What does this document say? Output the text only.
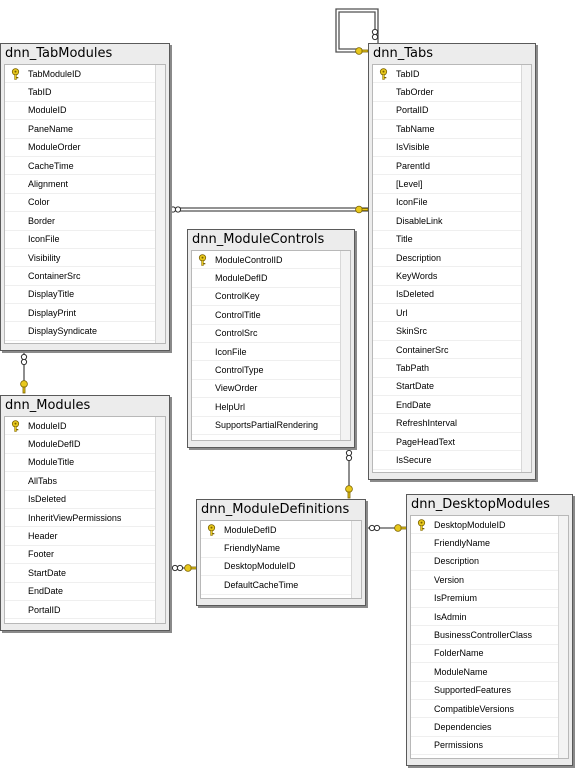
dnn_TabModules
TabModuleID
TabID
ModuleID
PaneName
ModuleOrder
CacheTime
Alignment
Color
Border
IconFile
Visibility
ContainerSrc
DisplayTitle
DisplayPrint
DisplaySyndicate
dnn_Tabs
TabID
TabOrder
PortalID
TabName
IsVisible
ParentId
[Level]
IconFile
DisableLink
Title
Description
KeyWords
IsDeleted
Url
SkinSrc
ContainerSrc
TabPath
StartDate
EndDate
RefreshInterval
PageHeadText
IsSecure
dnn_ModuleControls
ModuleControlID
ModuleDefID
ControlKey
ControlTitle
ControlSrc
IconFile
ControlType
ViewOrder
HelpUrl
SupportsPartialRendering
dnn_Modules
ModuleID
ModuleDefID
ModuleTitle
AllTabs
IsDeleted
InheritViewPermissions
Header
Footer
StartDate
EndDate
PortalID
dnn_ModuleDefinitions
ModuleDefID
FriendlyName
DesktopModuleID
DefaultCacheTime
dnn_DesktopModules
DesktopModuleID
FriendlyName
Description
Version
IsPremium
IsAdmin
BusinessControllerClass
FolderName
ModuleName
SupportedFeatures
CompatibleVersions
Dependencies
Permissions
